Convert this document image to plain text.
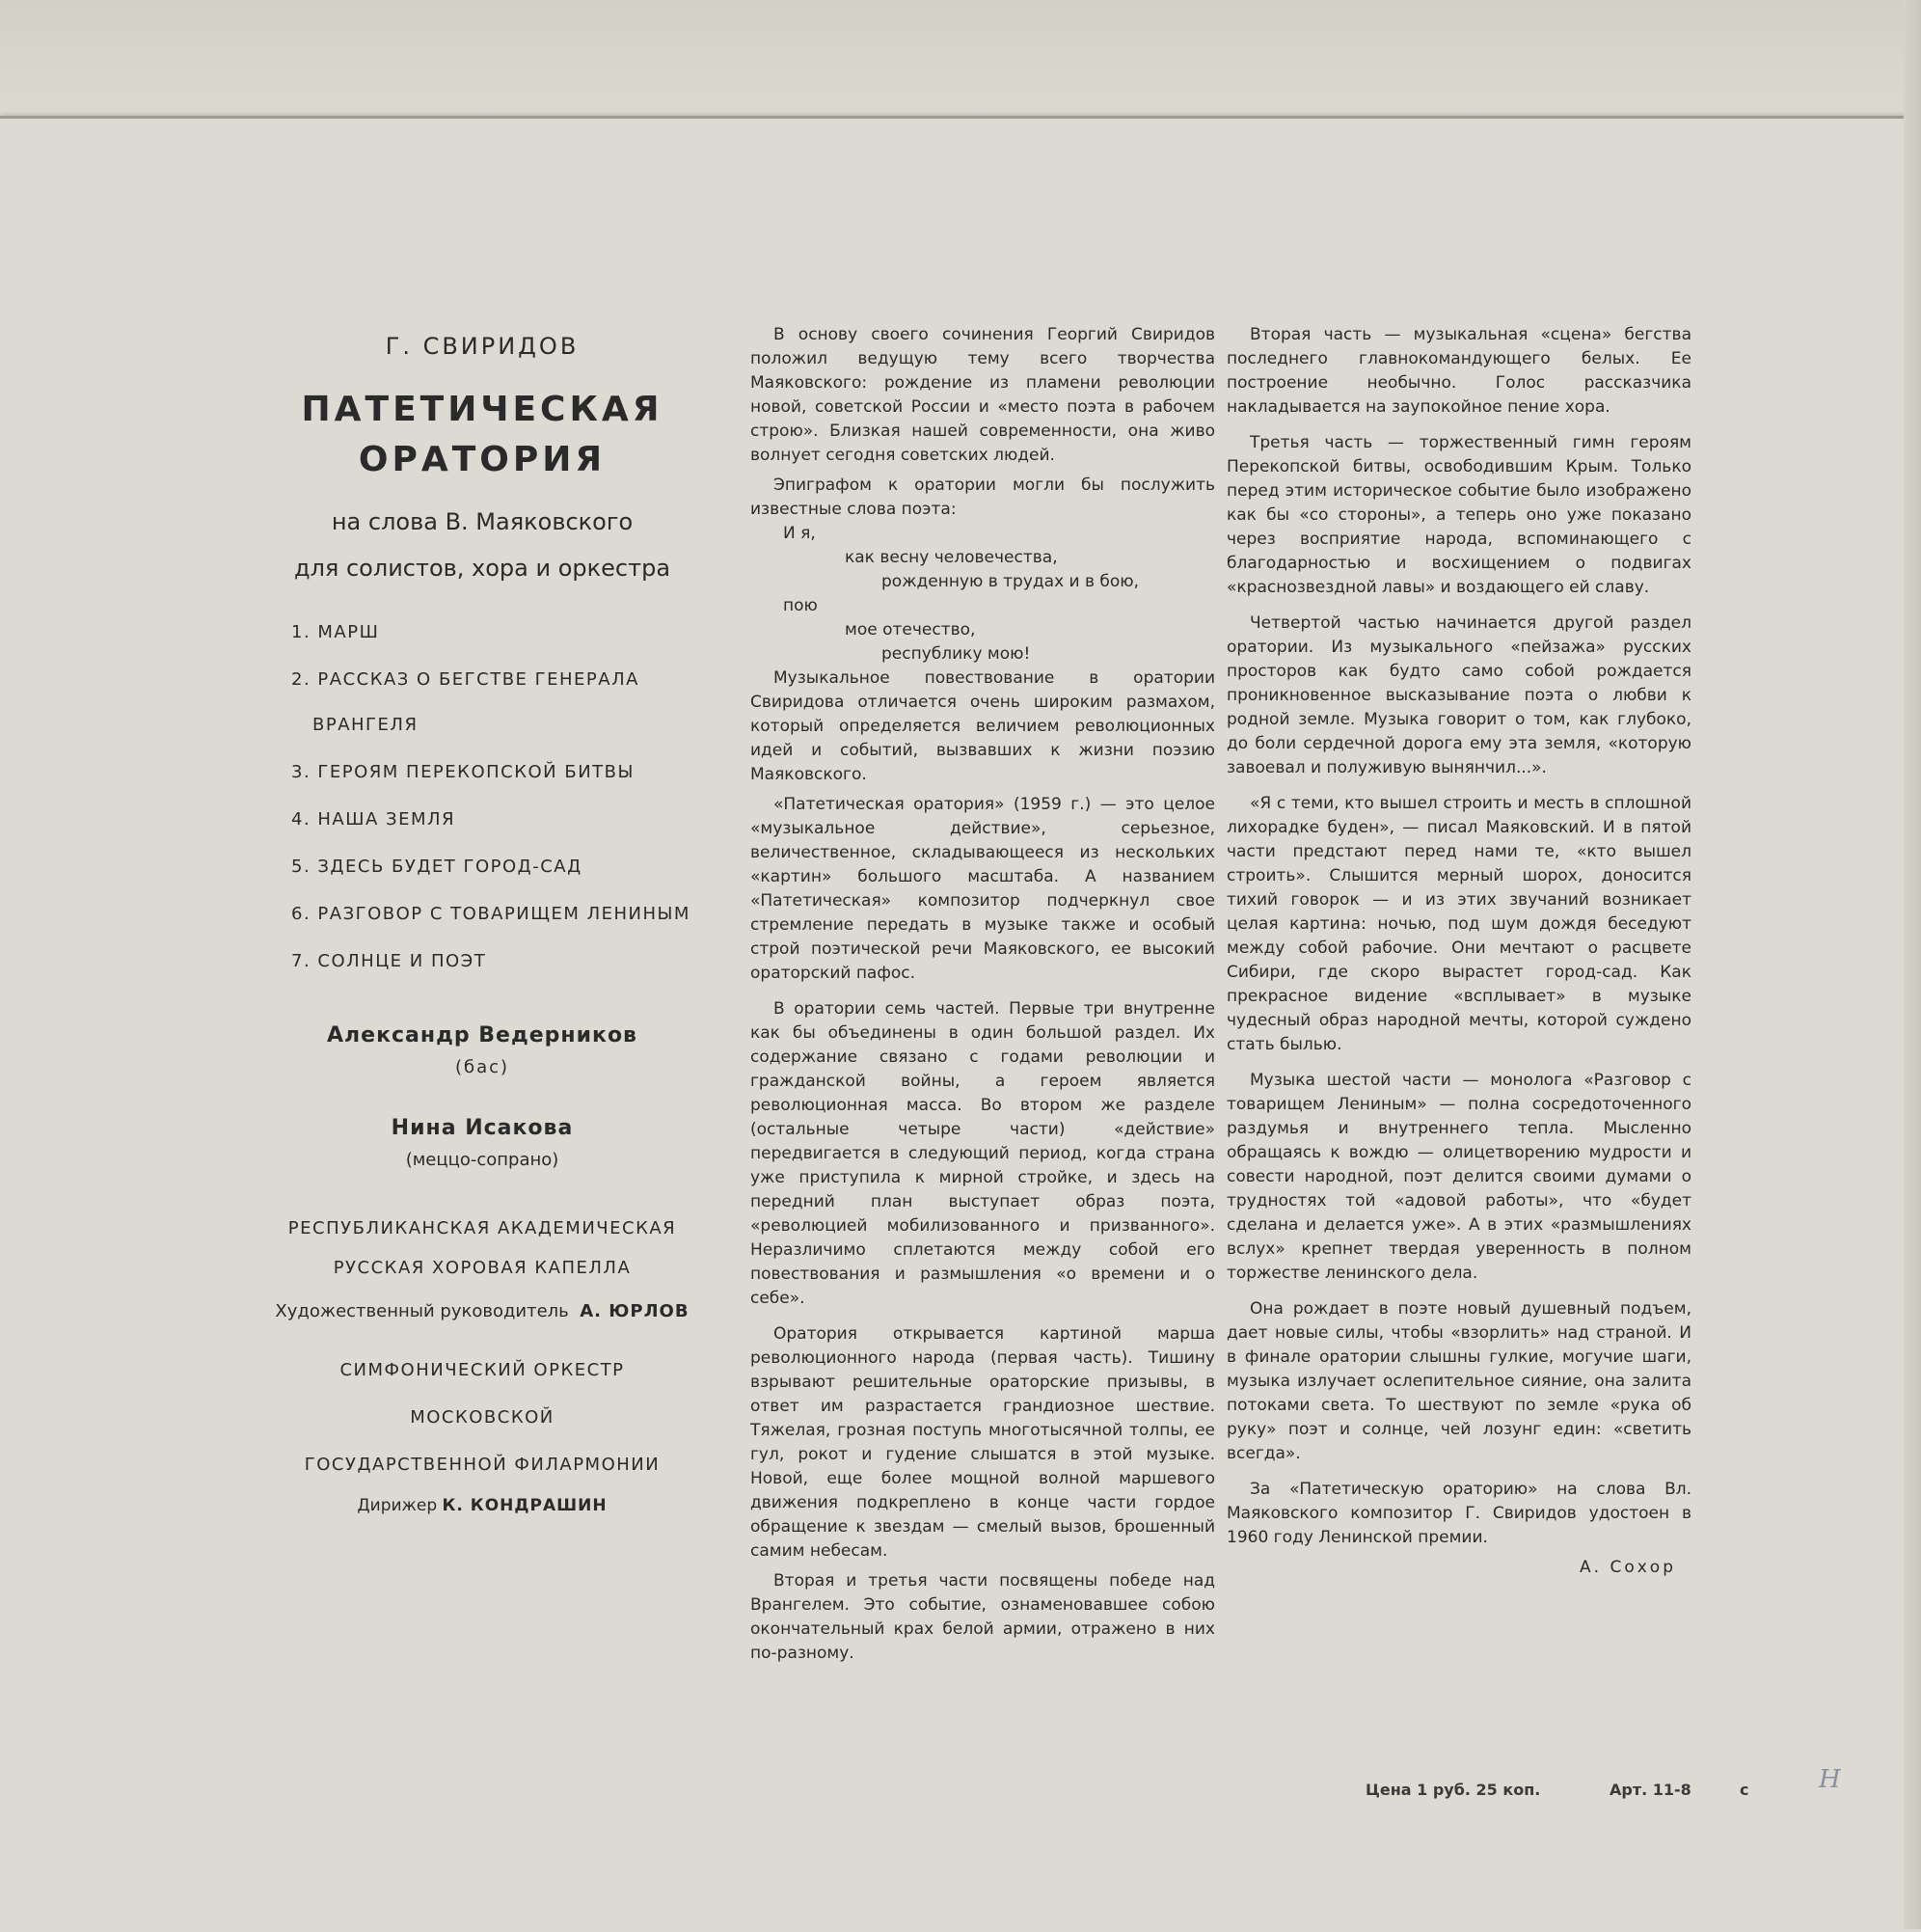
Г. СВИРИДОВ

ПАТЕТИЧЕСКАЯ
ОРАТОРИЯ

на слова В. Маяковского

для солистов, хора и оркестра

1. МАРШ
2. РАССКАЗ О БЕГСТВЕ ГЕНЕРАЛА
ВРАНГЕЛЯ
3. ГЕРОЯМ ПЕРЕКОПСКОЙ БИТВЫ
4. НАША ЗЕМЛЯ
5. ЗДЕСЬ БУДЕТ ГОРОД-САД
6. РАЗГОВОР С ТОВАРИЩЕМ ЛЕНИНЫМ
7. СОЛНЦЕ И ПОЭТ

Александр Ведерников

(бас)

Нина Исакова

(меццо-сопрано)

РЕСПУБЛИКАНСКАЯ АКАДЕМИЧЕСКАЯ
РУССКАЯ ХОРОВАЯ КАПЕЛЛА

Художественный руководитель А. ЮРЛОВ

СИМФОНИЧЕСКИЙ ОРКЕСТР
МОСКОВСКОЙ
ГОСУДАРСТВЕННОЙ ФИЛАРМОНИИ

Дирижер К. КОНДРАШИН

В основу своего сочинения Георгий Свиридов положил ведущую тему всего творчества Маяковского: рождение из пламени революции новой, советской России и «место поэта в рабочем строю». Близкая нашей современности, она живо волнует сегодня советских людей.

Эпиграфом к оратории могли бы послужить известные слова поэта:

И я,
как весну человечества,
рожденную в трудах и в бою,
пою
мое отечество,
республику мою!

Музыкальное повествование в оратории Свиридова отличается очень широким размахом, который определяется величием революционных идей и событий, вызвавших к жизни поэзию Маяковского.

«Патетическая оратория» (1959 г.) — это целое «музыкальное действие», серьезное, величественное, складывающееся из нескольких «картин» большого масштаба. А названием «Патетическая» композитор подчеркнул свое стремление передать в музыке также и особый строй поэтической речи Маяковского, ее высокий ораторский пафос.

В оратории семь частей. Первые три внутренне как бы объединены в один большой раздел. Их содержание связано с годами революции и гражданской войны, а героем является революционная масса. Во втором же разделе (остальные четыре части) «действие» передвигается в следующий период, когда страна уже приступила к мирной стройке, и здесь на передний план выступает образ поэта, «революцией мобилизованного и призванного». Неразличимо сплетаются между собой его повествования и размышления «о времени и о себе».

Оратория открывается картиной марша революционного народа (первая часть). Тишину взрывают решительные ораторские призывы, в ответ им разрастается грандиозное шествие. Тяжелая, грозная поступь многотысячной толпы, ее гул, рокот и гудение слышатся в этой музыке. Новой, еще более мощной волной маршевого движения подкреплено в конце части гордое обращение к звездам — смелый вызов, брошенный самим небесам.

Вторая и третья части посвящены победе над Врангелем. Это событие, ознаменовавшее собою окончательный крах белой армии, отражено в них по-разному.

Вторая часть — музыкальная «сцена» бегства последнего главнокомандующего белых. Ее построение необычно. Голос рассказчика накладывается на заупокойное пение хора.

Третья часть — торжественный гимн героям Перекопской битвы, освободившим Крым. Только перед этим историческое событие было изображено как бы «со стороны», а теперь оно уже показано через восприятие народа, вспоминающего с благодарностью и восхищением о подвигах «краснозвездной лавы» и воздающего ей славу.

Четвертой частью начинается другой раздел оратории. Из музыкального «пейзажа» русских просторов как будто само собой рождается проникновенное высказывание поэта о любви к родной земле. Музыка говорит о том, как глубоко, до боли сердечной дорога ему эта земля, «которую завоевал и полуживую вынянчил...».

«Я с теми, кто вышел строить и месть в сплошной лихорадке буден», — писал Маяковский. И в пятой части предстают перед нами те, «кто вышел строить». Слышится мерный шорох, доносится тихий говорок — и из этих звучаний возникает целая картина: ночью, под шум дождя беседуют между собой рабочие. Они мечтают о расцвете Сибири, где скоро вырастет город-сад. Как прекрасное видение «всплывает» в музыке чудесный образ народной мечты, которой суждено стать былью.

Музыка шестой части — монолога «Разговор с товарищем Лениным» — полна сосредоточенного раздумья и внутреннего тепла. Мысленно обращаясь к вождю — олицетворению мудрости и совести народной, поэт делится своими думами о трудностях той «адовой работы», что «будет сделана и делается уже». А в этих «размышлениях вслух» крепнет твердая уверенность в полном торжестве ленинского дела.

Она рождает в поэте новый душевный подъем, дает новые силы, чтобы «взорлить» над страной. И в финале оратории слышны гулкие, могучие шаги, музыка излучает ослепительное сияние, она залита потоками света. То шествуют по земле «рука об руку» поэт и солнце, чей лозунг един: «светить всегда».

За «Патетическую ораторию» на слова Вл. Маяковского композитор Г. Свиридов удостоен в 1960 году Ленинской премии.

А. Сохор
Цена 1 руб. 25 коп.	Арт. 11-8	с	Н
